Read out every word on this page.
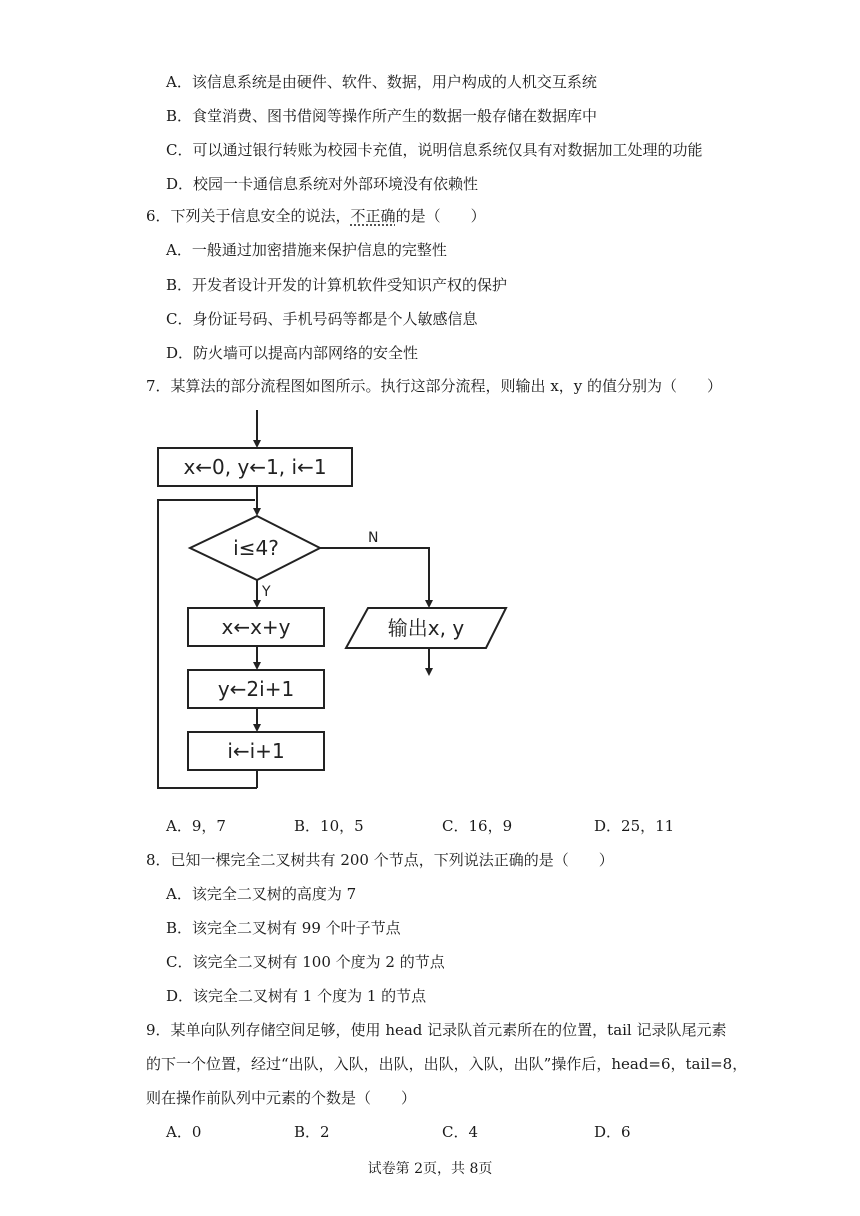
A．该信息系统是由硬件、软件、数据，用户构成的人机交互系统
B．食堂消费、图书借阅等操作所产生的数据一般存储在数据库中
C．可以通过银行转账为校园卡充值，说明信息系统仅具有对数据加工处理的功能
D．校园一卡通信息系统对外部环境没有依赖性
6．下列关于信息安全的说法，不正确的是（　　）
A．一般通过加密措施来保护信息的完整性
B．开发者设计开发的计算机软件受知识产权的保护
C．身份证号码、手机号码等都是个人敏感信息
D．防火墙可以提高内部网络的安全性
7．某算法的部分流程图如图所示。执行这部分流程，则输出 x，y 的值分别为（　　）
x←0, y←1, i←1
i≤4?	N
Y
x←x+y
y←2i+1
i←i+1
输出x, y
A．9，7	B．10，5	C．16，9	D．25，11
8．已知一棵完全二叉树共有 200 个节点，下列说法正确的是（　　）
A．该完全二叉树的高度为 7
B．该完全二叉树有 99 个叶子节点
C．该完全二叉树有 100 个度为 2 的节点
D．该完全二叉树有 1 个度为 1 的节点
9．某单向队列存储空间足够，使用 head 记录队首元素所在的位置，tail 记录队尾元素
的下一个位置，经过“出队，入队，出队，出队，入队，出队”操作后，head=6，tail=8，
则在操作前队列中元素的个数是（　　）
A．0	B．2	C．4	D．6
试卷第 2页，共 8页
